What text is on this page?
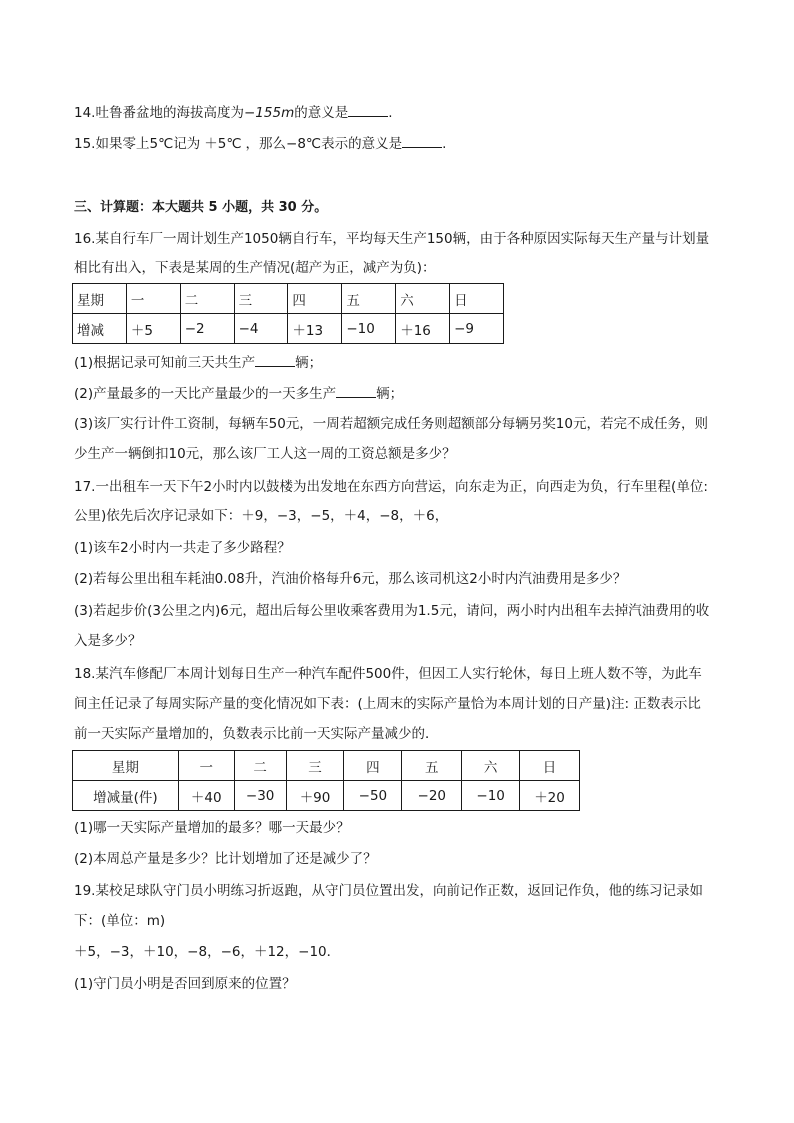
14.吐鲁番盆地的海拔高度为−155m的意义是	.
15.如果零上5℃记为 ＋5℃ ，那么−8℃表示的意义是	.
三、计算题：本大题共 5 小题，共 30 分。
16.某自行车厂一周计划生产1050辆自行车，平均每天生产150辆，由于各种原因实际每天生产量与计划量
相比有出入，下表是某周的生产情况(超产为正，减产为负)：
星期	一	二	三	四	五	六	日
增减	＋5	−2	−4	＋13	−10	＋16	−9
(1)根据记录可知前三天共生产	辆；
(2)产量最多的一天比产量最少的一天多生产	辆；
(3)该厂实行计件工资制，每辆车50元，一周若超额完成任务则超额部分每辆另奖10元，若完不成任务，则
少生产一辆倒扣10元，那么该厂工人这一周的工资总额是多少？
17.一出租车一天下午2小时内以鼓楼为出发地在东西方向营运，向东走为正，向西走为负，行车里程(单位:
公里)依先后次序记录如下：＋9，−3，−5，＋4，−8，＋6，
(1)该车2小时内一共走了多少路程？
(2)若每公里出租车耗油0.08升，汽油价格每升6元，那么该司机这2小时内汽油费用是多少？
(3)若起步价(3公里之内)6元，超出后每公里收乘客费用为1.5元，请问，两小时内出租车去掉汽油费用的收
入是多少？
18.某汽车修配厂本周计划每日生产一种汽车配件500件，但因工人实行轮休，每日上班人数不等，为此车
间主任记录了每周实际产量的变化情况如下表：(上周末的实际产量恰为本周计划的日产量)注: 正数表示比
前一天实际产量增加的，负数表示比前一天实际产量减少的．
星期	一	二	三	四	五	六	日
增减量(件)	＋40	−30	＋90	−50	−20	−10	＋20
(1)哪一天实际产量增加的最多？哪一天最少？
(2)本周总产量是多少？比计划增加了还是减少了？
19.某校足球队守门员小明练习折返跑，从守门员位置出发，向前记作正数，返回记作负，他的练习记录如
下：(单位：m)
＋5，−3，＋10，−8，−6，＋12，−10．
(1)守门员小明是否回到原来的位置？
